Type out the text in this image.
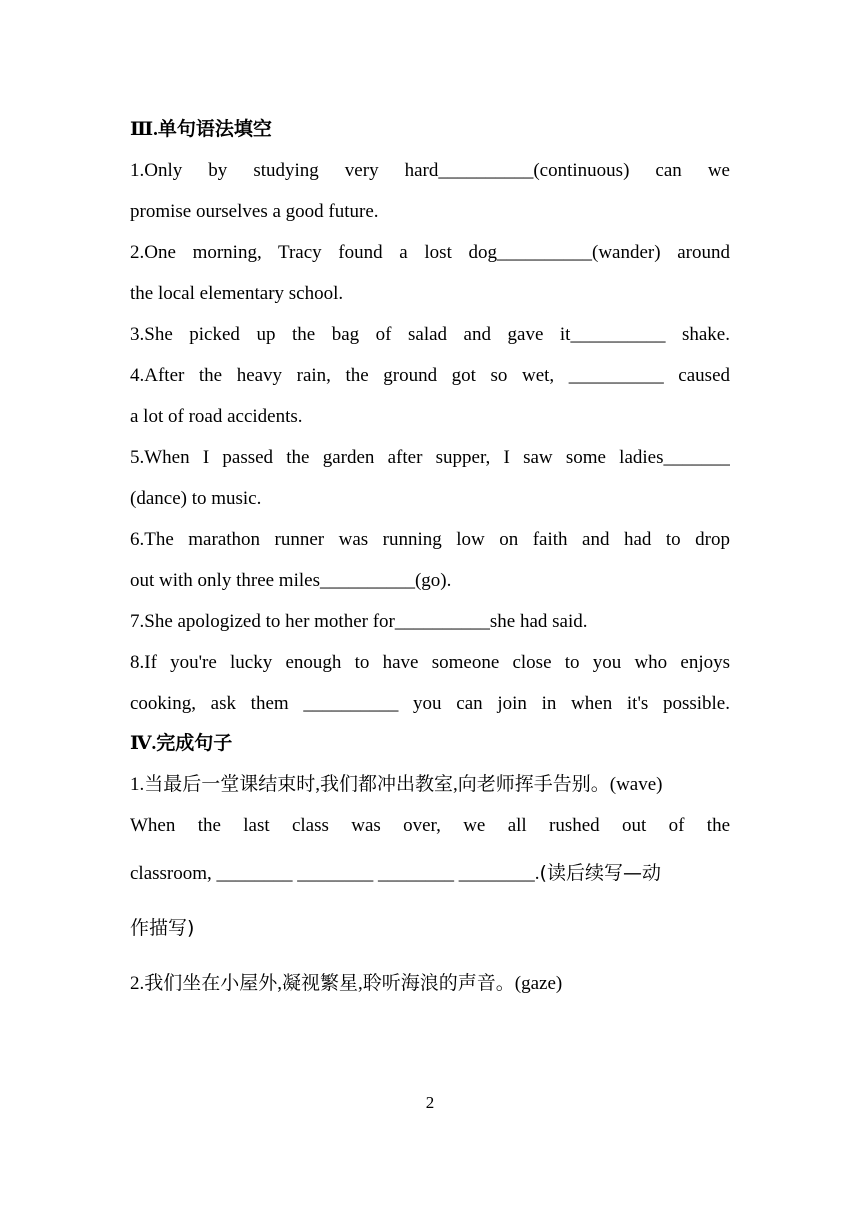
Ⅲ.单句语法填空
1.Only by studying very hard__________(continuous) can we
promise ourselves a good future.
2.One morning, Tracy found a lost dog__________(wander) around
the local elementary school.
3.She picked up the bag of salad and gave it__________ shake.
4.After the heavy rain, the ground got so wet, __________ caused
a lot of road accidents.
5.When I passed the garden after supper, I saw some ladies_______
(dance) to music.
6.The marathon runner was running low on faith and had to drop
out with only three miles__________(go).
7.She apologized to her mother for__________she had said.
8.If you're lucky enough to have someone close to you who enjoys
cooking, ask them __________ you can join in when it's possible.
Ⅳ.完成句子
1.当最后一堂课结束时,我们都冲出教室,向老师挥手告别。(wave)
When the last class was over, we all rushed out of the
classroom, ________ ________ ________ ________.(读后续写—动
作描写)
2.我们坐在小屋外,凝视繁星,聆听海浪的声音。(gaze)
2
